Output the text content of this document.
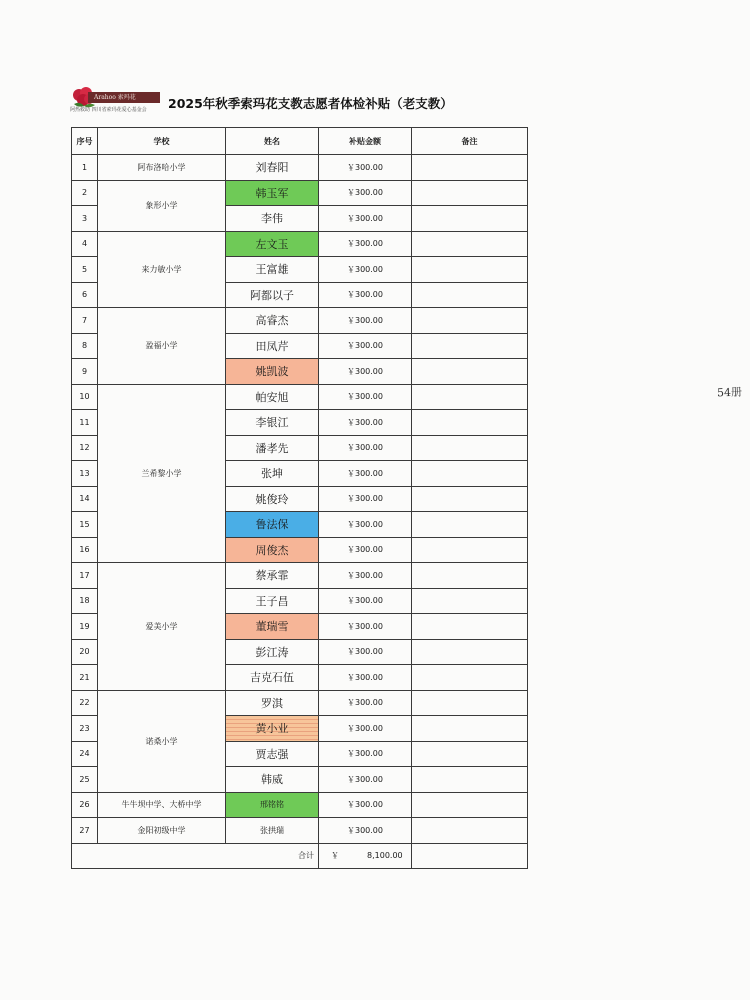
Arahoo 索玛花
阿热救助 四川省索玛花爱心基金会	2025年秋季索玛花支教志愿者体检补贴（老支教）
序号	学校	姓名	补贴金额	备注
1	阿布洛哈小学	刘春阳	￥300.00	
2	象形小学	韩玉军	￥300.00	
3		李伟	￥300.00	
4	来力敏小学	左文玉	￥300.00	
5		王富雄	￥300.00	
6		阿都以子	￥300.00	
7	盈福小学	高睿杰	￥300.00	
8		田凤芹	￥300.00	
9		姚凯波	￥300.00	
10	兰希黎小学	帕安旭	￥300.00	
11		李银江	￥300.00	
12		潘孝先	￥300.00	
13		张坤	￥300.00	
14		姚俊玲	￥300.00	
15		鲁法保	￥300.00	
16		周俊杰	￥300.00	
17	爱美小学	蔡承霏	￥300.00	
18		王子昌	￥300.00	
19		董瑞雪	￥300.00	
20		彭江涛	￥300.00	
21		吉克石伍	￥300.00	
22	诺桑小学	罗淇	￥300.00	
23		黄小业	￥300.00	
24		贾志强	￥300.00	
25		韩威	￥300.00	
26	牛牛坝中学、大桥中学	邢铭铭	￥300.00	
27	金阳初级中学	张拱瑞	￥300.00	
合计			￥ 8,100.00	
54册
